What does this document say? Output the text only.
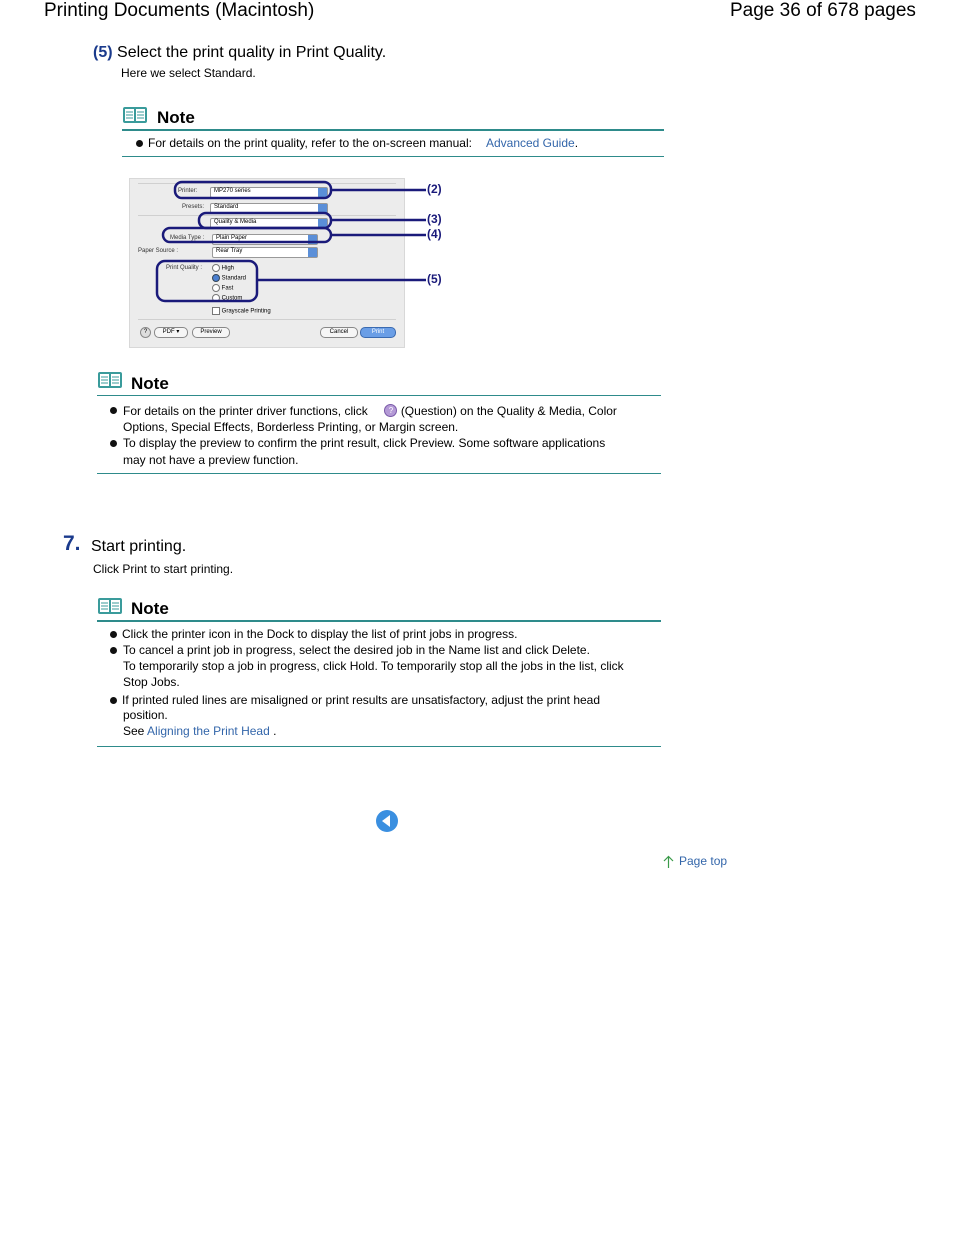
Printing Documents (Macintosh)	Page 36 of 678 pages
(5) Select the print quality in Print Quality.
Here we select Standard.
Note
For details on the print quality, refer to the on-screen manual: Advanced Guide.
Printer:	MP270 series
Presets:	Standard
Quality & Media
Media Type :	Plain Paper
Paper Source :	Rear Tray
Print Quality :	High
Standard
Fast
Custom
Grayscale Printing
?	PDF ▾	Preview	Cancel	Print
(2)
(3)
(4)
(5)
Note
For details on the printer driver functions, click	? (Question) on the Quality & Media, Color
Options, Special Effects, Borderless Printing, or Margin screen.
To display the preview to confirm the print result, click Preview. Some software applications
may not have a preview function.
7. Start printing.
Click Print to start printing.
Note
Click the printer icon in the Dock to display the list of print jobs in progress.
To cancel a print job in progress, select the desired job in the Name list and click Delete.
To temporarily stop a job in progress, click Hold. To temporarily stop all the jobs in the list, click
Stop Jobs.
If printed ruled lines are misaligned or print results are unsatisfactory, adjust the print head
position.
See Aligning the Print Head .
Page top
